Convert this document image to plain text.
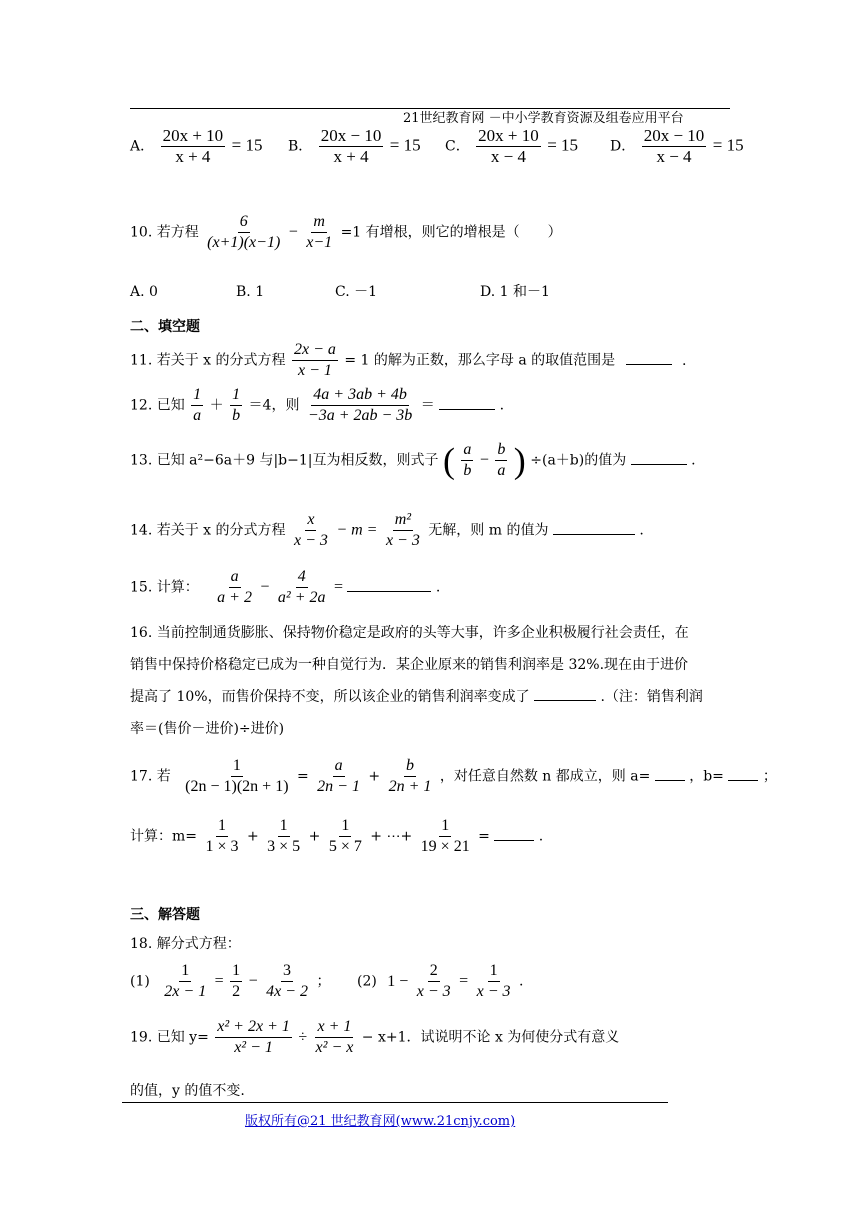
21世纪教育网 －中小学教育资源及组卷应用平台
A． $\frac{20x + 10}{x + 4} = 15$ B． $\frac{20x - 10}{x + 4} = 15$ C． $\frac{20x + 10}{x - 4} = 15$ D． $\frac{20x - 10}{x - 4} = 15$
10. 若方程 $\frac{6}{(x+1)(x-1)} - \frac{m}{x-1} =1$ 有增根，则它的增根是（　　）
A. 0	B. 1	C. －1	D. 1 和－1
二、填空题
11. 若关于 x 的分式方程 $\frac{2x - a}{x - 1} = 1$ 的解为正数，那么字母 a 的取值范围是	.
12. 已知 $\frac{1}{a} + \frac{1}{b} =4$，则 $\frac{4a + 3ab + 4b}{-3a + 2ab - 3b}$ ＝	.
13. 已知 a²−6a＋9 与|b−1|互为相反数，则式子 ( $\frac{a}{b} - \frac{b}{a}$ ) ÷(a＋b)的值为	.
14. 若关于 x 的分式方程 $\frac{x}{x - 3} - m = \frac{\text{m²}}{x - 3}$ 无解，则 m 的值为	.
15. 计算： $\frac{a}{a + 2} - \frac{4}{\text{a² + 2a}}$ =	.
16. 当前控制通货膨胀、保持物价稳定是政府的头等大事，许多企业积极履行社会责任，在
销售中保持价格稳定已成为一种自觉行为．某企业原来的销售利润率是 32%.现在由于进价
提高了 10%，而售价保持不变，所以该企业的销售利润率变成了	.（注：销售利润
率＝(售价－进价)÷进价)
17. 若 $\frac{1}{(2n - 1)(2n + 1)} = \frac{a}{2n - 1} + \frac{b}{2n + 1}$ ，对任意自然数 n 都成立，则 a=	，b=	；
计算：$m= \frac{1}{1 \times 3} + \frac{1}{3 \times 5} + \frac{1}{5 \times 7}$ + ⋯+ $\frac{1}{19 \times 21}$ =	.
三、解答题
18. 解分式方程：
$(1) \frac{1}{2x - 1} = \frac{1}{2} - \frac{3}{4x - 2}$ ； (2) $1 - \frac{2}{x - 3} = \frac{1}{x - 3}$ .
19. 已知 $y= \frac{\text{x² + 2x + 1}}{\text{x² − 1}} \div \frac{x + 1}{\text{x² − x}} - x+1$．试说明不论 x 为何使分式有意义
的值，y 的值不变.
版权所有@21 世纪教育网(www.21cnjy.com)
